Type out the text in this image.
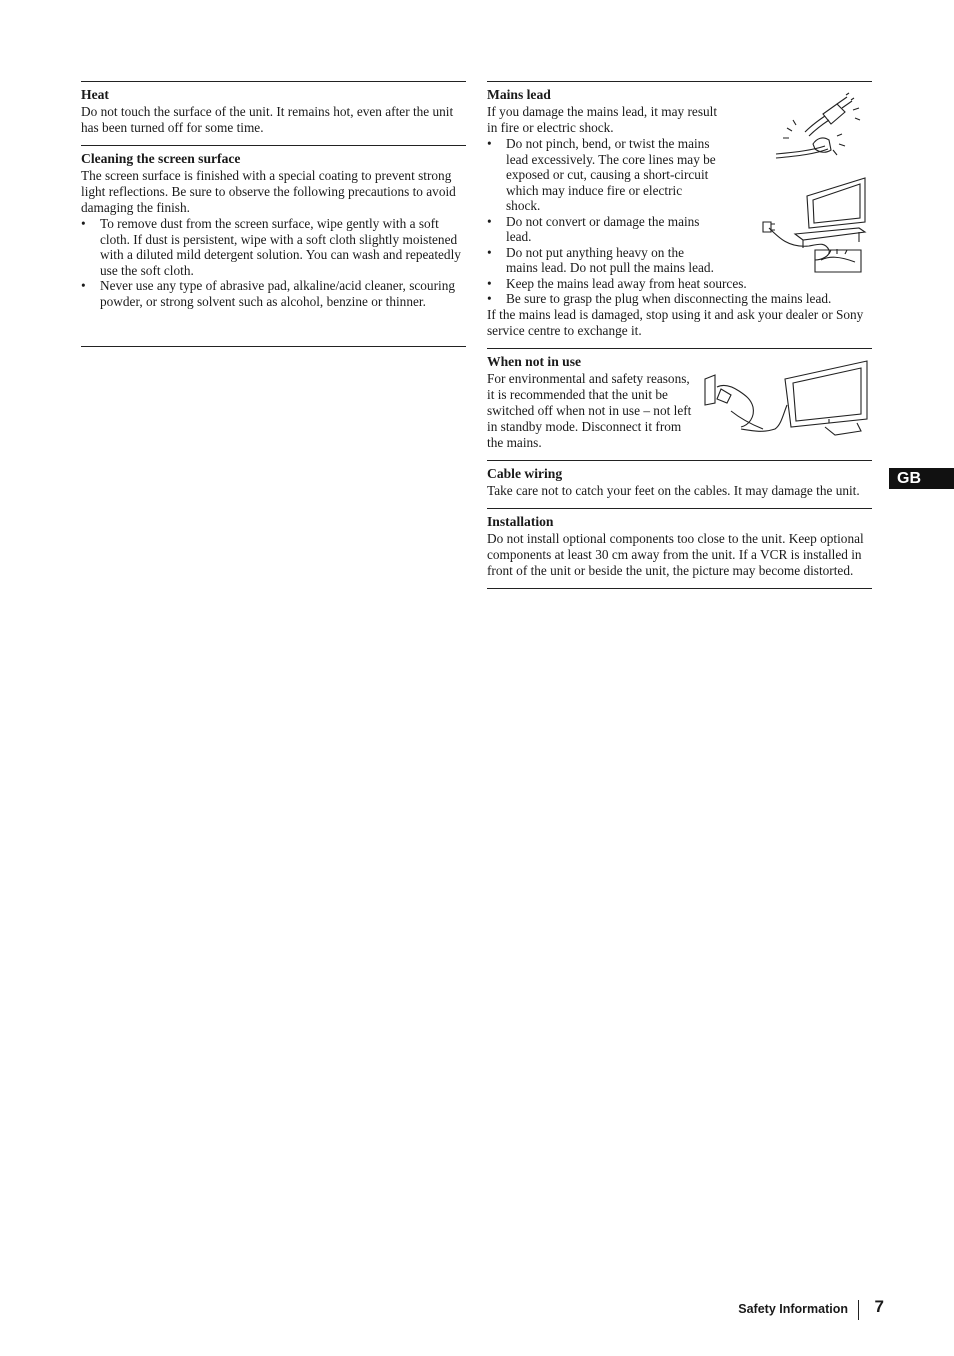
Heat

Do not touch the surface of the unit. It remains hot, even after the unit has been turned off for some time.

Cleaning the screen surface

The screen surface is finished with a special coating to prevent strong light reflections. Be sure to observe the following precautions to avoid damaging the finish.

• To remove dust from the screen surface, wipe gently with a soft cloth. If dust is persistent, wipe with a soft cloth slightly moistened with a diluted mild detergent solution. You can wash and repeatedly use the soft cloth.
• Never use any type of abrasive pad, alkaline/acid cleaner, scouring powder, or strong solvent such as alcohol, benzine or thinner.
Mains lead

If you damage the mains lead, it may result in fire or electric shock.

• Do not pinch, bend, or twist the mains lead excessively. The core lines may be exposed or cut, causing a short-circuit which may induce fire or electric shock.
• Do not convert or damage the mains lead.
• Do not put anything heavy on the mains lead. Do not pull the mains lead.
• Keep the mains lead away from heat sources.
• Be sure to grasp the plug when disconnecting the mains lead.

If the mains lead is damaged, stop using it and ask your dealer or Sony service centre to exchange it.

When not in use

For environmental and safety reasons, it is recommended that the unit be switched off when not in use – not left in standby mode. Disconnect it from the mains.

Cable wiring

Take care not to catch your feet on the cables. It may damage the unit.

Installation

Do not install optional components too close to the unit. Keep optional components at least 30 cm away from the unit. If a VCR is installed in front of the unit or beside the unit, the picture may become distorted.

GB
Safety Information 7
